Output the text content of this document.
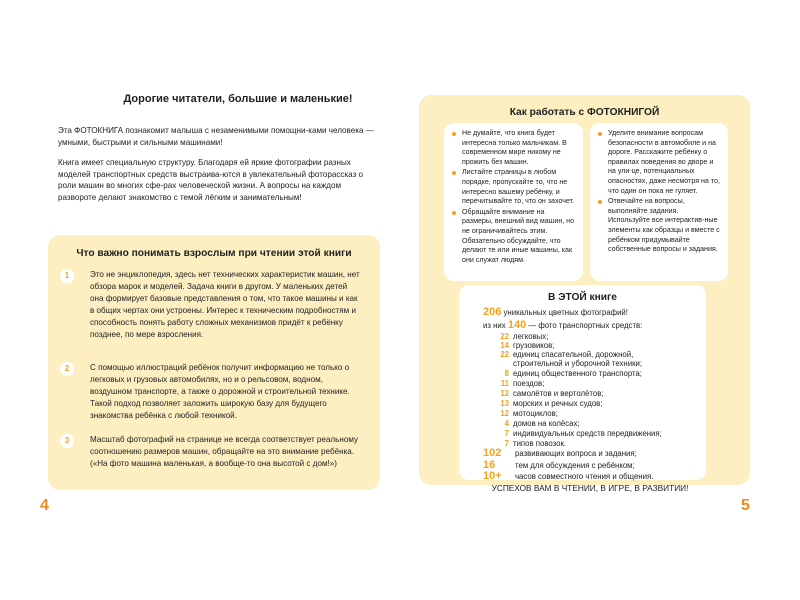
Дорогие читатели, большие и маленькие!

Эта ФОТОКНИГА познакомит малыша с незаменимыми помощни-ками человека — умными, быстрыми и сильными машинами!

Книга имеет специальную структуру. Благодаря ей яркие фотографии разных моделей транспортных средств выстраива-ются в увлекательный фоторассказ о роли машин во многих сфе-рах человеческой жизни. А вопросы на каждом развороте делают знакомство с темой лёгким и занимательным!

Что важно понимать взрослым при чтении этой книги
1	Это не энциклопедия, здесь нет технических характеристик машин, нет обзора марок и моделей. Задача книги в другом. У маленьких детей она формирует базовые представления о том, что такое машины и как в общих чертах они устроены. Интерес к техническим подробностям и способность понять работу сложных механизмов придёт к ребёнку позднее, по мере взросления.
2	С помощью иллюстраций ребёнок получит информацию не только о легковых и грузовых автомобилях, но и о рельсовом, водном, воздушном транспорте, а также о дорожной и строительной технике. Такой подход позволяет заложить широкую базу для будущего знакомства ребёнка с любой техникой.
3	Масштаб фотографий на странице не всегда соответствует реальному соотношению размеров машин, обращайте на это внимание ребёнка. («На фото машина маленькая, а вообще-то она высотой с дом!»)
4
Как работать с ФОТОКНИГОЙ
Не думайте, что книга будет интересна только мальчикам. В современном мире никому не прожить без машин.
Листайте страницы в любом порядке, пропускайте то, что не интересно вашему ребёнку, и перечитывайте то, что он захочет.
Обращайте внимание на размеры, внешний вид машин, но не ограничивайтесь этим. Обязательно обсуждайте, что делают те или иные машины, как они служат людям.
Уделите внимание вопросам безопасности в автомобиле и на дороге. Расскажите ребёнку о правилах поведения во дворе и на ули-це, потенциальных опасностях, даже несмотря на то, что один он пока не гуляет.
Отвечайте на вопросы, выполняйте задания. Используйте все интерактив-ные элементы как образцы и вместе с ребёнком придумывайте собственные вопросы и задания.
В ЭТОЙ книге
206 уникальных цветных фотографий!
из них 140 — фото транспортных средств:
22 легковых;
14 грузовиков;
22 единиц спасательной, дорожной,
строительной и уборочной техники;
8 единиц общественного транспорта;
11 поездов;
12 самолётов и вертолётов;
13 морских и речных судов;
12 мотоциклов;
4 домов на колёсах;
7 индивидуальных средств передвижения;
7 типов повозок.
102 развивающих вопроса и задания;
16	тем для обсуждения с ребёнком;
10+ часов совместного чтения и общения.
УСПЕХОВ ВАМ В ЧТЕНИИ, В ИГРЕ, В РАЗВИТИИ!
5
